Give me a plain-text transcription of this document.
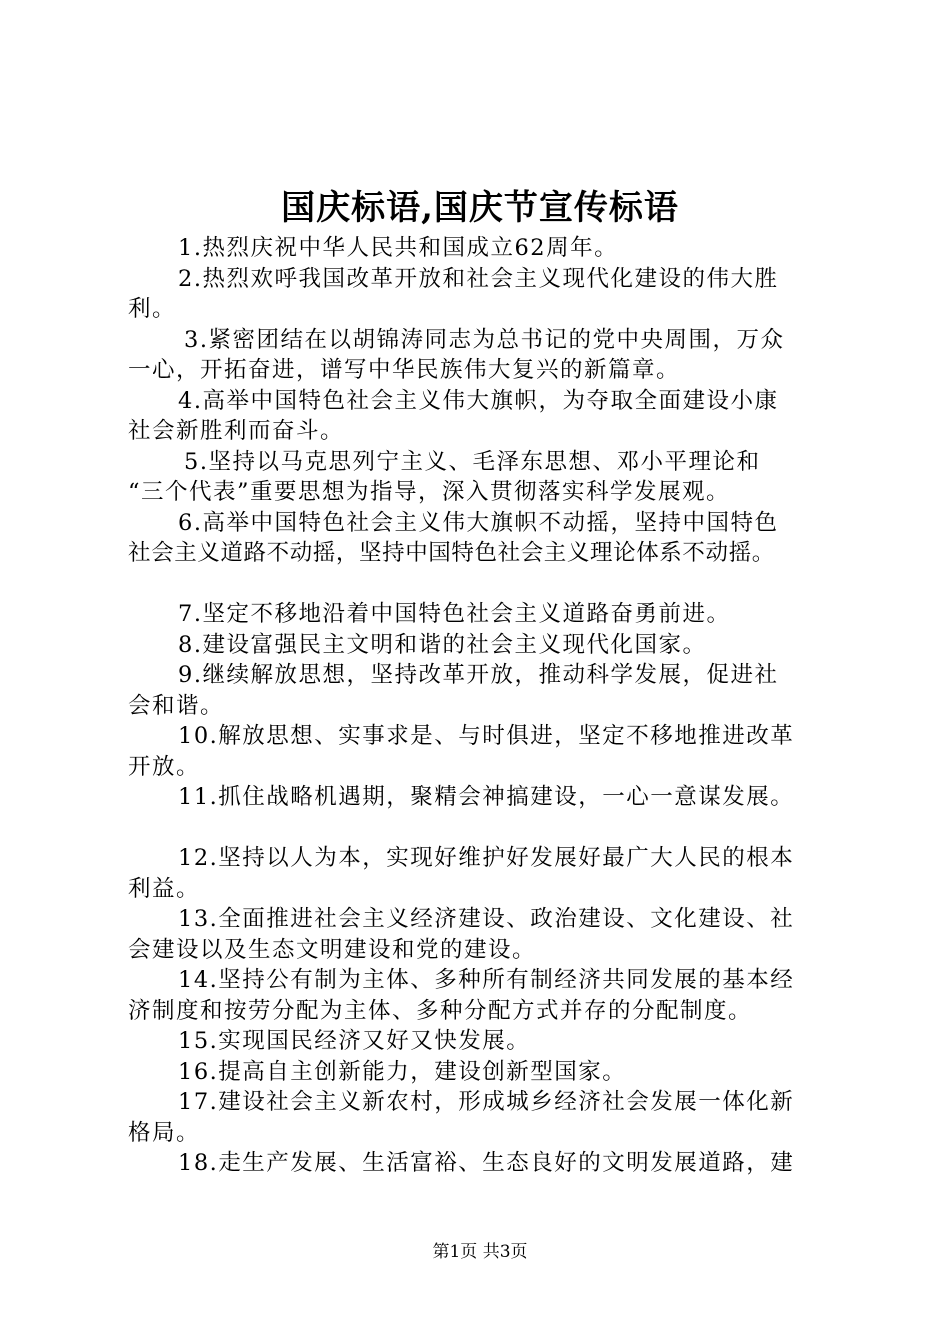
国庆标语,国庆节宣传标语
1.热烈庆祝中华人民共和国成立62周年。
2.热烈欢呼我国改革开放和社会主义现代化建设的伟大胜
利。
3.紧密团结在以胡锦涛同志为总书记的党中央周围，万众
一心，开拓奋进，谱写中华民族伟大复兴的新篇章。
4.高举中国特色社会主义伟大旗帜，为夺取全面建设小康
社会新胜利而奋斗。
5.坚持以马克思列宁主义、毛泽东思想、邓小平理论和
“三个代表”重要思想为指导，深入贯彻落实科学发展观。
6.高举中国特色社会主义伟大旗帜不动摇，坚持中国特色
社会主义道路不动摇，坚持中国特色社会主义理论体系不动摇。
7.坚定不移地沿着中国特色社会主义道路奋勇前进。
8.建设富强民主文明和谐的社会主义现代化国家。
9.继续解放思想，坚持改革开放，推动科学发展，促进社
会和谐。
10.解放思想、实事求是、与时俱进，坚定不移地推进改革
开放。
11.抓住战略机遇期，聚精会神搞建设，一心一意谋发展。
12.坚持以人为本，实现好维护好发展好最广大人民的根本
利益。
13.全面推进社会主义经济建设、政治建设、文化建设、社
会建设以及生态文明建设和党的建设。
14.坚持公有制为主体、多种所有制经济共同发展的基本经
济制度和按劳分配为主体、多种分配方式并存的分配制度。
15.实现国民经济又好又快发展。
16.提高自主创新能力，建设创新型国家。
17.建设社会主义新农村，形成城乡经济社会发展一体化新
格局。
18.走生产发展、生活富裕、生态良好的文明发展道路，建
第1页 共3页
